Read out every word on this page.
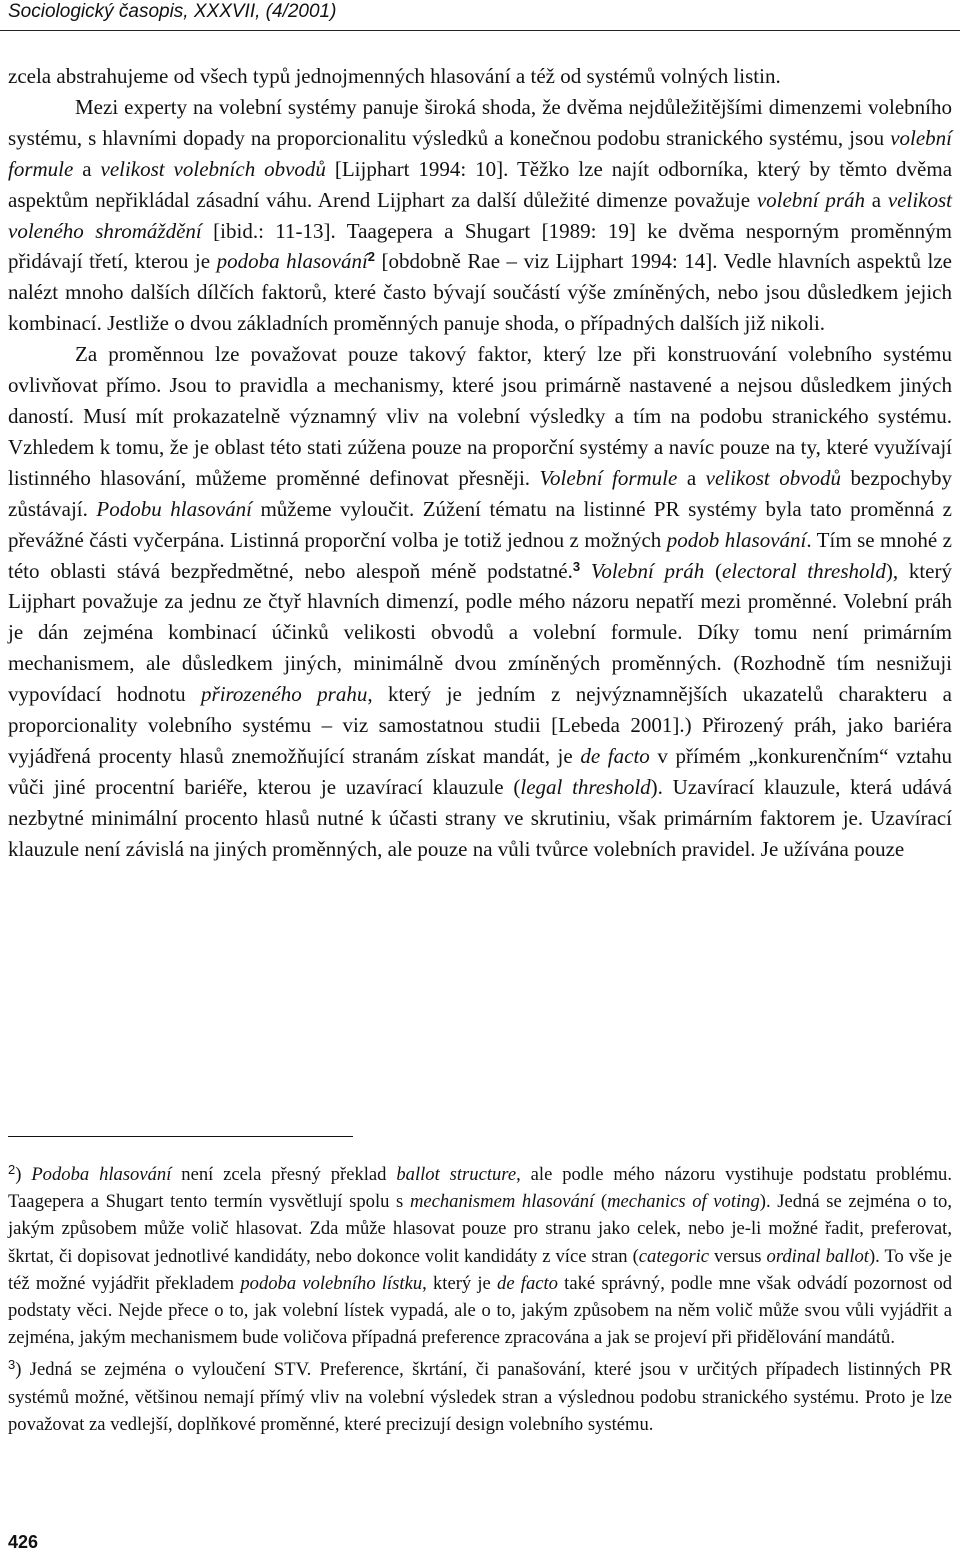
Sociologický časopis, XXXVII, (4/2001)

zcela abstrahujeme od všech typů jednojmenných hlasování a též od systémů volných listin.

Mezi experty na volební systémy panuje široká shoda, že dvěma nejdůležitějšími dimenzemi volebního systému, s hlavními dopady na proporcionalitu výsledků a konečnou podobu stranického systému, jsou volební formule a velikost volebních obvodů [Lijphart 1994: 10]. Těžko lze najít odborníka, který by těmto dvěma aspektům nepřikládal zásadní váhu. Arend Lijphart za další důležité dimenze považuje volební práh a velikost voleného shromáždění [ibid.: 11-13]. Taagepera a Shugart [1989: 19] ke dvěma nesporným proměnným přidávají třetí, kterou je podoba hlasování$^2$ [obdobně Rae – viz Lijphart 1994: 14]. Vedle hlavních aspektů lze nalézt mnoho dalších dílčích faktorů, které často bývají součástí výše zmíněných, nebo jsou důsledkem jejich kombinací. Jestliže o dvou základních proměnných panuje shoda, o případných dalších již nikoli.

Za proměnnou lze považovat pouze takový faktor, který lze při konstruování volebního systému ovlivňovat přímo. Jsou to pravidla a mechanismy, které jsou primárně nastavené a nejsou důsledkem jiných daností. Musí mít prokazatelně významný vliv na volební výsledky a tím na podobu stranického systému. Vzhledem k tomu, že je oblast této stati zúžena pouze na proporční systémy a navíc pouze na ty, které využívají listinného hlasování, můžeme proměnné definovat přesněji. Volební formule a velikost obvodů bezpochyby zůstávají. Podobu hlasování můžeme vyloučit. Zúžení tématu na listinné PR systémy byla tato proměnná z převážné části vyčerpána. Listinná proporční volba je totiž jednou z možných podob hlasování. Tím se mnohé z této oblasti stává bezpředmětné, nebo alespoň méně podstatné.$^3$ Volební práh (electoral threshold), který Lijphart považuje za jednu ze čtyř hlavních dimenzí, podle mého názoru nepatří mezi proměnné. Volební práh je dán zejména kombinací účinků velikosti obvodů a volební formule. Díky tomu není primárním mechanismem, ale důsledkem jiných, minimálně dvou zmíněných proměnných. (Rozhodně tím nesnižuji vypovídací hodnotu přirozeného prahu, který je jedním z nejvýznamnějších ukazatelů charakteru a proporcionality volebního systému – viz samostatnou studii [Lebeda 2001].) Přirozený práh, jako bariéra vyjádřená procenty hlasů znemožňující stranám získat mandát, je de facto v přímém „konkurenčním“ vztahu vůči jiné procentní bariéře, kterou je uzavírací klauzule (legal threshold). Uzavírací klauzule, která udává nezbytné minimální procento hlasů nutné k účasti strany ve skrutiniu, však primárním faktorem je. Uzavírací klauzule není závislá na jiných proměnných, ale pouze na vůli tvůrce volebních pravidel. Je užívána pouze

$^2$) Podoba hlasování není zcela přesný překlad ballot structure, ale podle mého názoru vystihuje podstatu problému. Taagepera a Shugart tento termín vysvětlují spolu s mechanismem hlasování (mechanics of voting). Jedná se zejména o to, jakým způsobem může volič hlasovat. Zda může hlasovat pouze pro stranu jako celek, nebo je-li možné řadit, preferovat, škrtat, či dopisovat jednotlivé kandidáty, nebo dokonce volit kandidáty z více stran (categoric versus ordinal ballot). To vše je též možné vyjádřit překladem podoba volebního lístku, který je de facto také správný, podle mne však odvádí pozornost od podstaty věci. Nejde přece o to, jak volební lístek vypadá, ale o to, jakým způsobem na něm volič může svou vůli vyjádřit a zejména, jakým mechanismem bude voličova případná preference zpracována a jak se projeví při přidělování mandátů.

$^3$) Jedná se zejména o vyloučení STV. Preference, škrtání, či panašování, které jsou v určitých případech listinných PR systémů možné, většinou nemají přímý vliv na volební výsledek stran a výslednou podobu stranického systému. Proto je lze považovat za vedlejší, doplňkové proměnné, které precizují design volebního systému.

426
